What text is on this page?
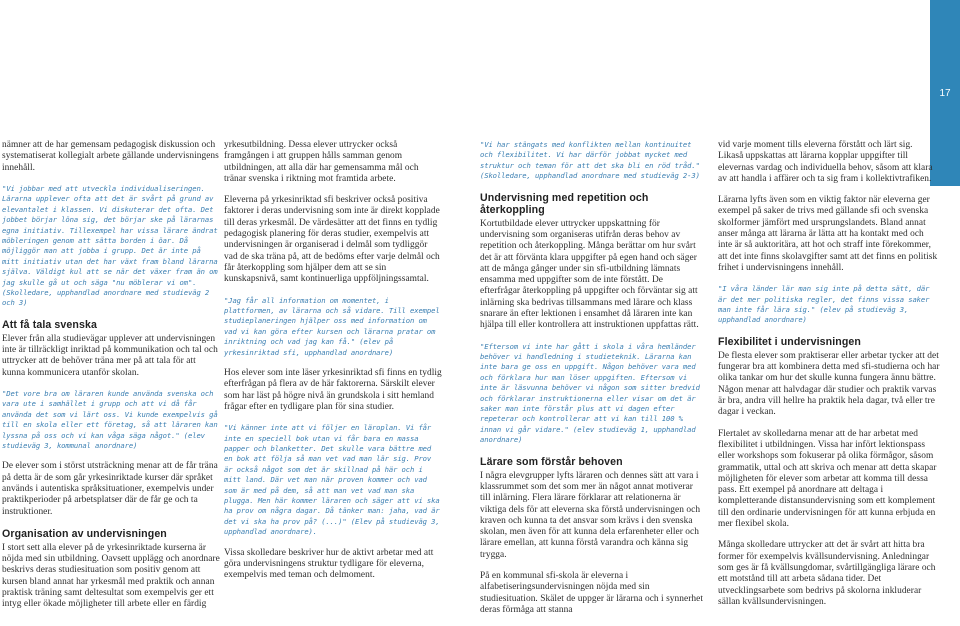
17

nämner att de har gemensam pedagogisk diskussion och systematiserat kollegialt arbete gällande undervisningens innehåll.

"Vi jobbar med att utveckla individualiseringen. Lärarna upplever ofta att det är svårt på grund av elevantalet i klassen. Vi diskuterar det ofta. Det jobbet börjar löna sig, det börjar ske på lärarnas egna initiativ. Tillexempel har vissa lärare ändrat möbleringen genom att sätta borden i öar. Då möjliggör man att jobba i grupp. Det är inte på mitt initiativ utan det har växt fram bland lärarna själva. Väldigt kul att se när det växer fram än om jag skulle gå ut och säga "nu möblerar vi om". (Skolledare, upphandlad anordnare med studieväg 2 och 3)

Att få tala svenska

Elever från alla studievägar upplever att undervisningen inte är tillräckligt inriktad på kommunikation och tal och uttrycker att de behöver träna mer på att tala för att kunna kommunicera utanför skolan.

"Det vore bra om läraren kunde använda svenska och vara ute i samhället i grupp och att vi då får använda det som vi lärt oss. Vi kunde exempelvis gå till en skola eller ett företag, så att läraren kan lyssna på oss och vi kan våga säga något." (elev studieväg 3, kommunal anordnare)

De elever som i störst utsträckning menar att de får träna på detta är de som går yrkesinriktade kurser där språket används i autentiska språksituationer, exempelvis under praktikperioder på arbetsplatser där de får ge och ta instruktioner.

Organisation av undervisningen

I stort sett alla elever på de yrkesinriktade kurserna är nöjda med sin utbildning. Oavsett upplägg och anordnare beskrivs deras studiesituation som positiv genom att kursen bland annat har yrkesmål med praktik och annan praktisk träning samt deltesultat som exempelvis ger ett intyg eller ökade möjligheter till arbete eller en färdig

yrkesutbildning. Dessa elever uttrycker också framgången i att gruppen hålls samman genom utbildningen, att alla där har gemensamma mål och tränar svenska i riktning mot framtida arbete.

Eleverna på yrkesinriktad sfi beskriver också positiva faktorer i deras undervisning som inte är direkt kopplade till deras yrkesmål. De värdesätter att det finns en tydlig pedagogisk planering för deras studier, exempelvis att undervisningen är organiserad i delmål som tydliggör vad de ska träna på, att de bedöms efter varje delmål och får återkoppling som hjälper dem att se sin kunskapsnivå, samt kontinuerliga uppföljningssamtal.

"Jag får all information om momentet, i plattformen, av lärarna och så vidare. Till exempel studieplaneringen hjälper oss med information om vad vi kan göra efter kursen och lärarna pratar om inriktning och vad jag kan få." (elev på yrkesinriktad sfi, upphandlad anordnare)

Hos elever som inte läser yrkesinriktad sfi finns en tydlig efterfrågan på flera av de här faktorerna. Särskilt elever som har läst på högre nivå än grundskola i sitt hemland frågar efter en tydligare plan för sina studier.

"Vi känner inte att vi följer en läroplan. Vi får inte en speciell bok utan vi får bara en massa papper och blanketter. Det skulle vara bättre med en bok att följa så man vet vad man lär sig. Prov är också något som det är skillnad på här och i mitt land. Där vet man när proven kommer och vad som är med på dem, så att man vet vad man ska plugga. Men här kommer läraren och säger att vi ska ha prov om några dagar. Då tänker man: jaha, vad är det vi ska ha prov på? (...)" (Elev på studieväg 3, upphandlad anordnare).

Vissa skolledare beskriver hur de aktivt arbetar med att göra undervisningens struktur tydligare för eleverna, exempelvis med teman och delmoment.

"Vi har stängats med konflikten mellan kontinuitet och flexibilitet. Vi har därför jobbat mycket med struktur och teman för att det ska bli en röd tråd." (Skolledare, upphandlad anordnare med studieväg 2-3)

Undervisning med repetition och återkoppling

Kortutbildade elever uttrycker uppskattning för undervisning som organiseras utifrån deras behov av repetition och återkoppling. Många berättar om hur svårt det är att förvänta klara uppgifter på egen hand och säger att de många gånger under sin sfi-utbildning lämnats ensamma med uppgifter som de inte förstått. De efterfrågar återkoppling på uppgifter och förväntar sig att inlärning ska bedrivas tillsammans med lärare och klass snarare än efter lektionen i ensamhet då läraren inte kan hjälpa till eller kontrollera att instruktionen uppfattas rätt.

"Eftersom vi inte har gått i skola i våra hemländer behöver vi handledning i studieteknik. Lärarna kan inte bara ge oss en uppgift. Någon behöver vara med och förklara hur man löser uppgiften. Eftersom vi inte är läsvunna behöver vi någon som sitter bredvid och förklarar instruktionerna eller visar om det är saker man inte förstår plus att vi dagen efter repeterar och kontrollerar att vi kan till 100 % innan vi går vidare." (elev studieväg 1, upphandlad anordnare)

Lärare som förstår behoven

I några elevgrupper lyfts läraren och dennes sätt att vara i klassrummet som det som mer än något annat motiverar till inlärning. Flera lärare förklarar att relationerna är viktiga dels för att eleverna ska förstå undervisningen och kraven och kunna ta det ansvar som krävs i den svenska skolan, men även för att kunna dela erfarenheter eller och lärare emellan, att kunna förstå varandra och känna sig trygga.

På en kommunal sfi-skola är eleverna i alfabetiseringsundervisningen nöjda med sin studiesituation. Skälet de uppger är lärarna och i synnerhet deras förmåga att stanna

vid varje moment tills eleverna förstått och lärt sig. Likaså uppskattas att lärarna kopplar uppgifter till elevernas vardag och individuella behov, såsom att klara av att handla i affärer och ta sig fram i kollektivtrafiken.

Lärarna lyfts även som en viktig faktor när eleverna ger exempel på saker de trivs med gällande sfi och svenska skolformer jämfört med ursprungslandets. Bland annat anser många att lärarna är lätta att ha kontakt med och inte är så auktoritära, att hot och straff inte förekommer, att det inte finns skolavgifter samt att det finns en politisk frihet i undervisningens innehåll.

"I våra länder lär man sig inte på detta sätt, där är det mer politiska regler, det finns vissa saker man inte får lära sig." (elev på studieväg 3, upphandlad anordnare)

Flexibilitet i undervisningen

De flesta elever som praktiserar eller arbetar tycker att det fungerar bra att kombinera detta med sfi-studierna och har olika tankar om hur det skulle kunna fungera ännu bättre. Någon menar att halvdagar där studier och praktik varvas är bra, andra vill hellre ha praktik hela dagar, två eller tre dagar i veckan.

Flertalet av skolledarna menar att de har arbetat med flexibilitet i utbildningen. Vissa har infört lektionspass eller workshops som fokuserar på olika förmågor, såsom grammatik, uttal och att skriva och menar att detta skapar möjligheten för elever som arbetar att komma till dessa pass. Ett exempel på anordnare att deltaga i kompletterande distansundervisning som ett komplement till den ordinarie undervisningen för att kunna erbjuda en mer flexibel skola.

Många skolledare uttrycker att det är svårt att hitta bra former för exempelvis kvällsundervisning. Anledningar som ges är få kvällsungdomar, svårtillgängliga lärare och ett motstånd till att arbeta sådana tider. Det utvecklingsarbete som bedrivs på skolorna inkluderar sällan kvällsundervisningen.
